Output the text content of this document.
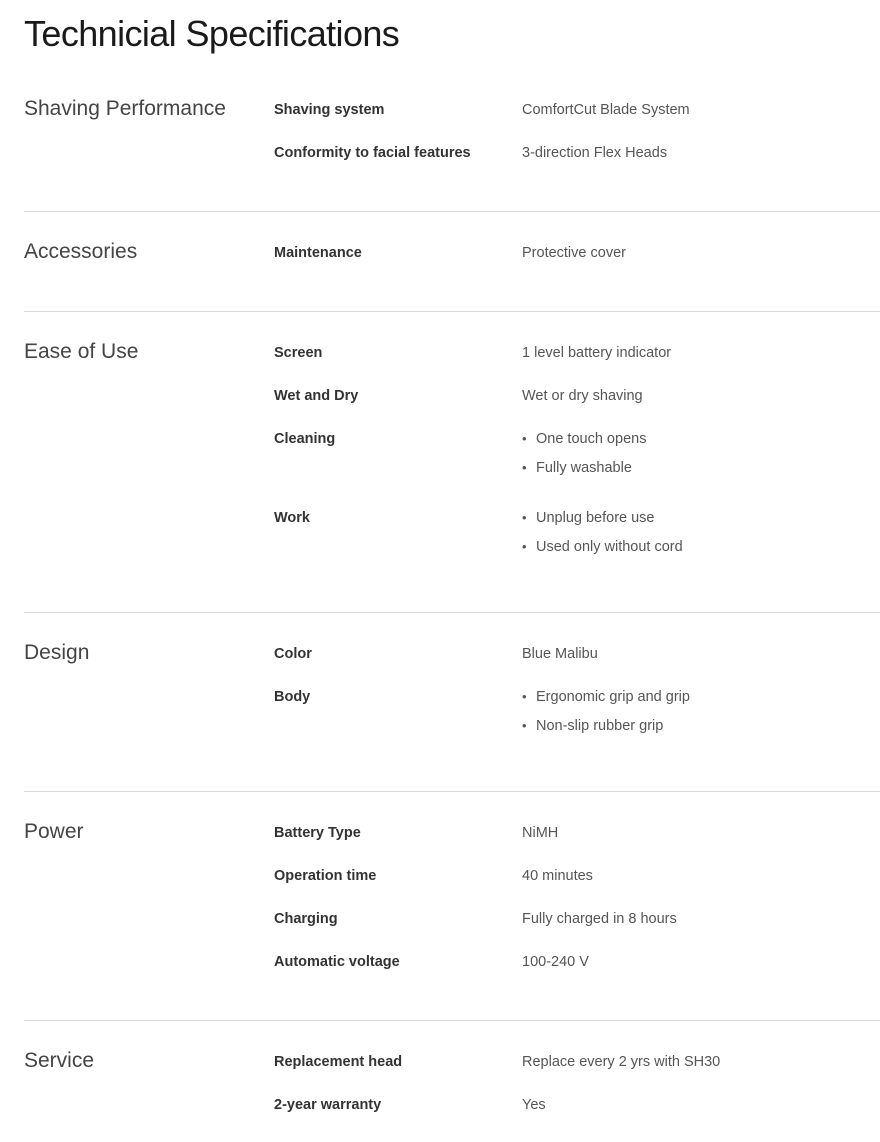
Technicial Specifications
Shaving Performance	Shaving system	ComfortCut Blade System
Conformity to facial features	3-direction Flex Heads
Accessories	Maintenance	Protective cover
Ease of Use	Screen	1 level battery indicator
Wet and Dry	Wet or dry shaving
Cleaning	• One touch opens
• Fully washable
Work	• Unplug before use
• Used only without cord
Design	Color	Blue Malibu
Body	• Ergonomic grip and grip
• Non-slip rubber grip
Power	Battery Type	NiMH
Operation time	40 minutes
Charging	Fully charged in 8 hours
Automatic voltage	100-240 V
Service	Replacement head	Replace every 2 yrs with SH30
2-year warranty	Yes
